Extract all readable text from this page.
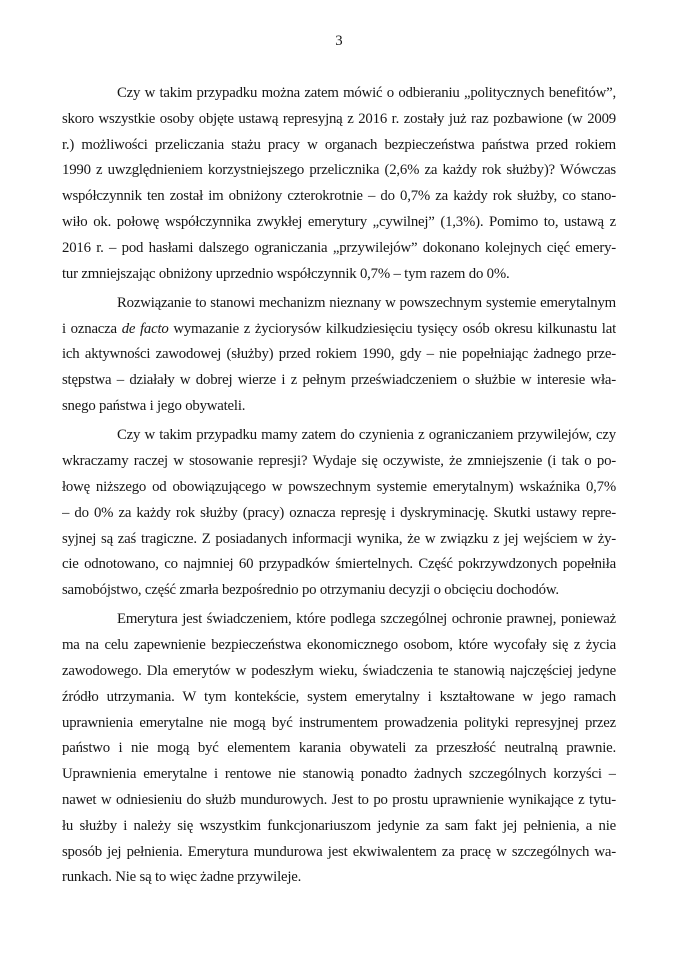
3
Czy w takim przypadku można zatem mówić o odbieraniu „politycznych benefitów”,
skoro wszystkie osoby objęte ustawą represyjną z 2016 r. zostały już raz pozbawione (w 2009
r.) możliwości przeliczania stażu pracy w organach bezpieczeństwa państwa przed rokiem
1990 z uwzględnieniem korzystniejszego przelicznika (2,6% za każdy rok służby)? Wówczas
współczynnik ten został im obniżony czterokrotnie – do 0,7% za każdy rok służby, co stano-
wiło ok. połowę współczynnika zwykłej emerytury „cywilnej” (1,3%). Pomimo to, ustawą z
2016 r. – pod hasłami dalszego ograniczania „przywilejów” dokonano kolejnych cięć emery-
tur zmniejszając obniżony uprzednio współczynnik 0,7% – tym razem do 0%.
Rozwiązanie to stanowi mechanizm nieznany w powszechnym systemie emerytalnym
i oznacza de facto wymazanie z życiorysów kilkudziesięciu tysięcy osób okresu kilkunastu lat
ich aktywności zawodowej (służby) przed rokiem 1990, gdy – nie popełniając żadnego prze-
stępstwa – działały w dobrej wierze i z pełnym przeświadczeniem o służbie w interesie wła-
snego państwa i jego obywateli.
Czy w takim przypadku mamy zatem do czynienia z ograniczaniem przywilejów, czy
wkraczamy raczej w stosowanie represji? Wydaje się oczywiste, że zmniejszenie (i tak o po-
łowę niższego od obowiązującego w powszechnym systemie emerytalnym) wskaźnika 0,7%
– do 0% za każdy rok służby (pracy) oznacza represję i dyskryminację. Skutki ustawy repre-
syjnej są zaś tragiczne. Z posiadanych informacji wynika, że w związku z jej wejściem w ży-
cie odnotowano, co najmniej 60 przypadków śmiertelnych. Część pokrzywdzonych popełniła
samobójstwo, część zmarła bezpośrednio po otrzymaniu decyzji o obcięciu dochodów.
Emerytura jest świadczeniem, które podlega szczególnej ochronie prawnej, ponieważ
ma na celu zapewnienie bezpieczeństwa ekonomicznego osobom, które wycofały się z życia
zawodowego. Dla emerytów w podeszłym wieku, świadczenia te stanowią najczęściej jedyne
źródło utrzymania. W tym kontekście, system emerytalny i kształtowane w jego ramach
uprawnienia emerytalne nie mogą być instrumentem prowadzenia polityki represyjnej przez
państwo i nie mogą być elementem karania obywateli za przeszłość neutralną prawnie.
Uprawnienia emerytalne i rentowe nie stanowią ponadto żadnych szczególnych korzyści –
nawet w odniesieniu do służb mundurowych. Jest to po prostu uprawnienie wynikające z tytu-
łu służby i należy się wszystkim funkcjonariuszom jedynie za sam fakt jej pełnienia, a nie
sposób jej pełnienia. Emerytura mundurowa jest ekwiwalentem za pracę w szczególnych wa-
runkach. Nie są to więc żadne przywileje.
